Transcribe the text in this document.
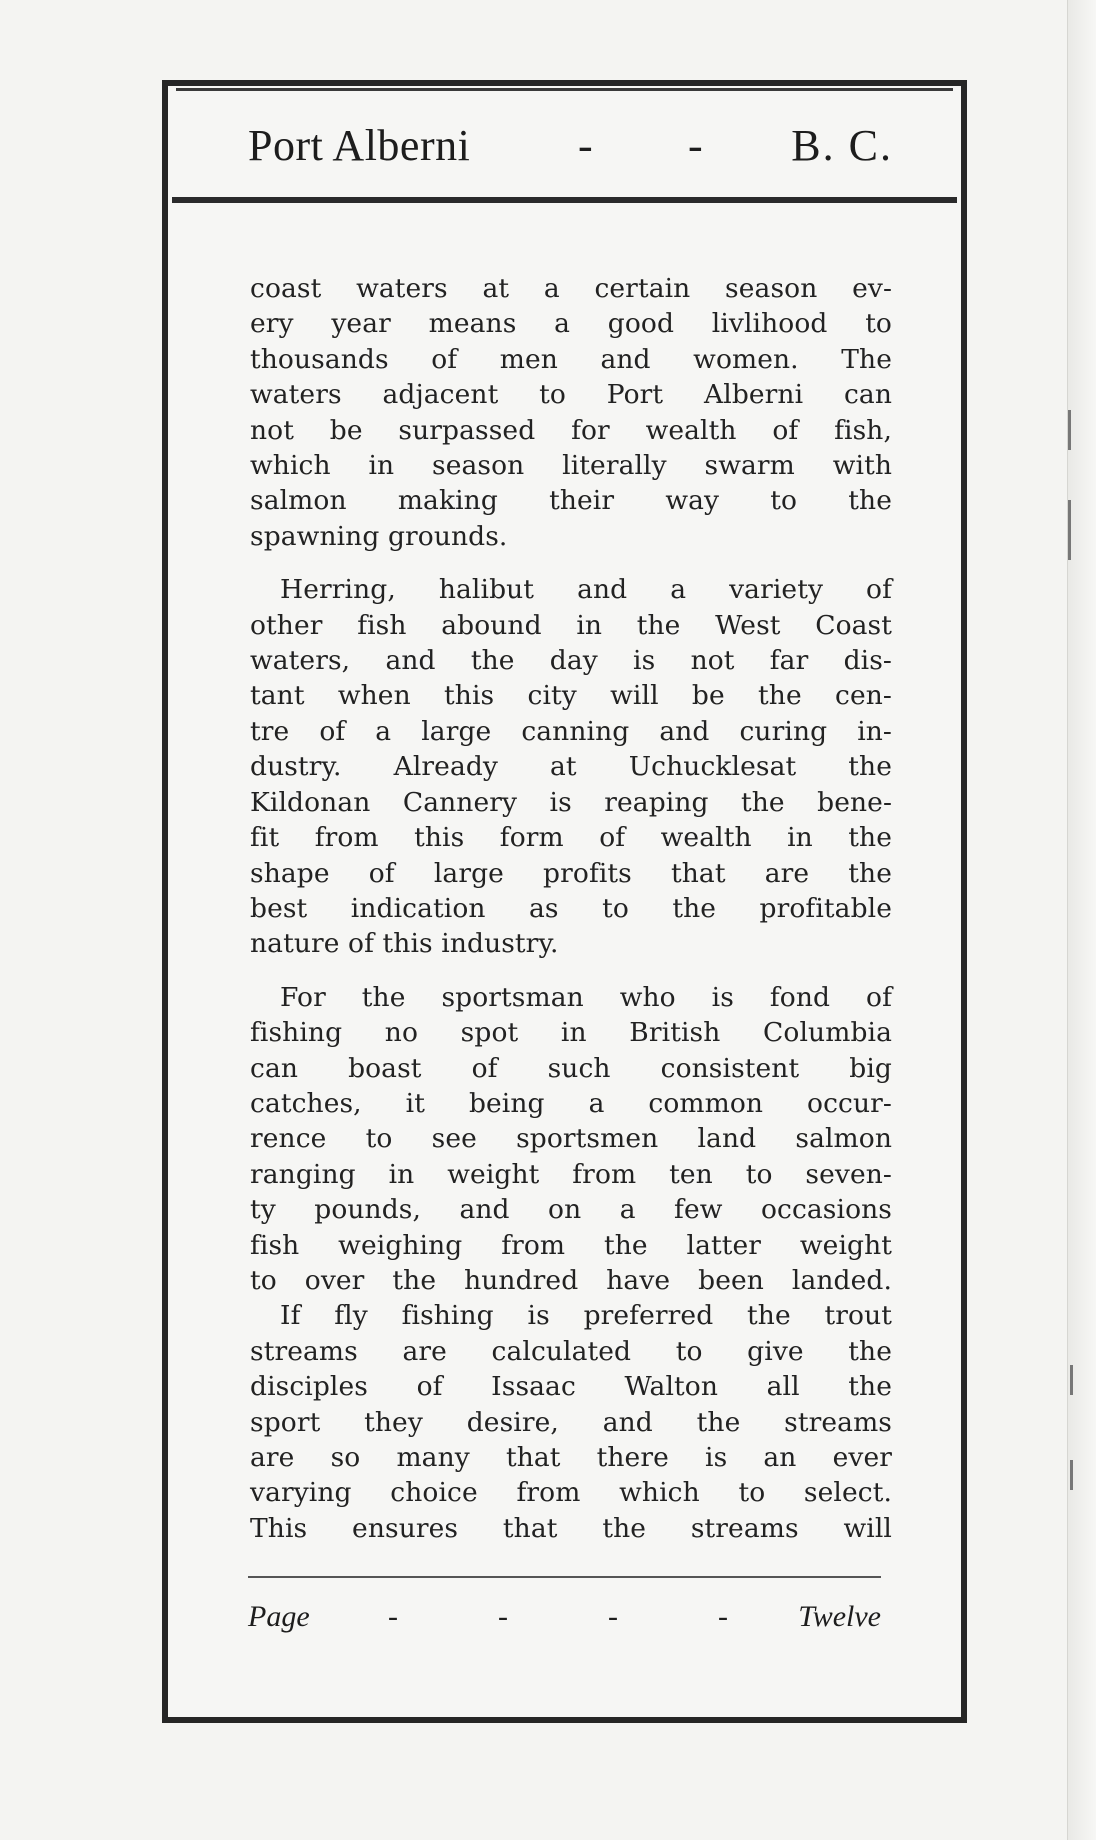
Port Alberni - - B. C.

coast waters at a certain season ev-
ery year means a good livlihood to
thousands of men and women. The
waters adjacent to Port Alberni can
not be surpassed for wealth of fish,
which in season literally swarm with
salmon making their way to the
spawning grounds.

Herring, halibut and a variety of
other fish abound in the West Coast
waters, and the day is not far dis-
tant when this city will be the cen-
tre of a large canning and curing in-
dustry. Already at Uchucklesat the
Kildonan Cannery is reaping the bene-
fit from this form of wealth in the
shape of large profits that are the
best indication as to the profitable
nature of this industry.

For the sportsman who is fond of
fishing no spot in British Columbia
can boast of such consistent big
catches, it being a common occur-
rence to see sportsmen land salmon
ranging in weight from ten to seven-
ty pounds, and on a few occasions
fish weighing from the latter weight
to over the hundred have been landed.

If fly fishing is preferred the trout
streams are calculated to give the
disciples of Issaac Walton all the
sport they desire, and the streams
are so many that there is an ever
varying choice from which to select.
This ensures that the streams will

Page	-	-	-	- Twelve
